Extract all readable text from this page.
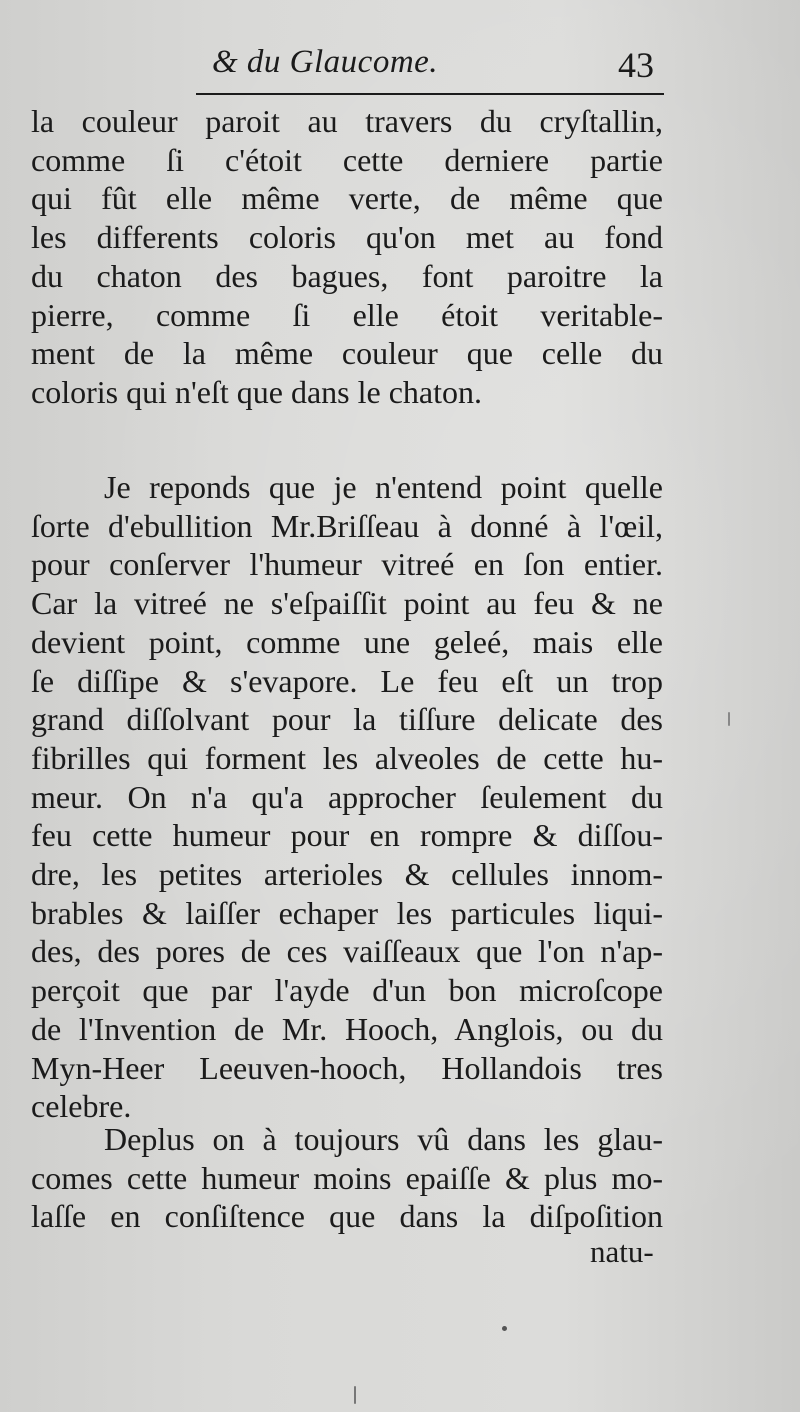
& du Glaucome.	43
la couleur paroit au travers du cryſtallin,
comme ſi c'étoit cette derniere partie
qui fût elle même verte, de même que
les differents coloris qu'on met au fond
du chaton des bagues, font paroitre la
pierre, comme ſi elle étoit veritable-
ment de la même couleur que celle du
coloris qui n'eſt que dans le chaton.
Je reponds que je n'entend point quelle
ſorte d'ebullition Mr.Briſſeau à donné à l'œil,
pour conſerver l'humeur vitreé en ſon entier.
Car la vitreé ne s'eſpaiſſit point au feu & ne
devient point, comme une geleé, mais elle
ſe diſſipe & s'evapore. Le feu eſt un trop
grand diſſolvant pour la tiſſure delicate des
fibrilles qui forment les alveoles de cette hu-
meur. On n'a qu'a approcher ſeulement du
feu cette humeur pour en rompre & diſſou-
dre, les petites arterioles & cellules innom-
brables & laiſſer echaper les particules liqui-
des, des pores de ces vaiſſeaux que l'on n'ap-
perçoit que par l'ayde d'un bon microſcope
de l'Invention de Mr. Hooch, Anglois, ou du
Myn-Heer Leeuven-hooch, Hollandois tres
celebre.
Deplus on à toujours vû dans les glau-
comes cette humeur moins epaiſſe & plus mo-
laſſe en conſiſtence que dans la diſpoſition
natu-
